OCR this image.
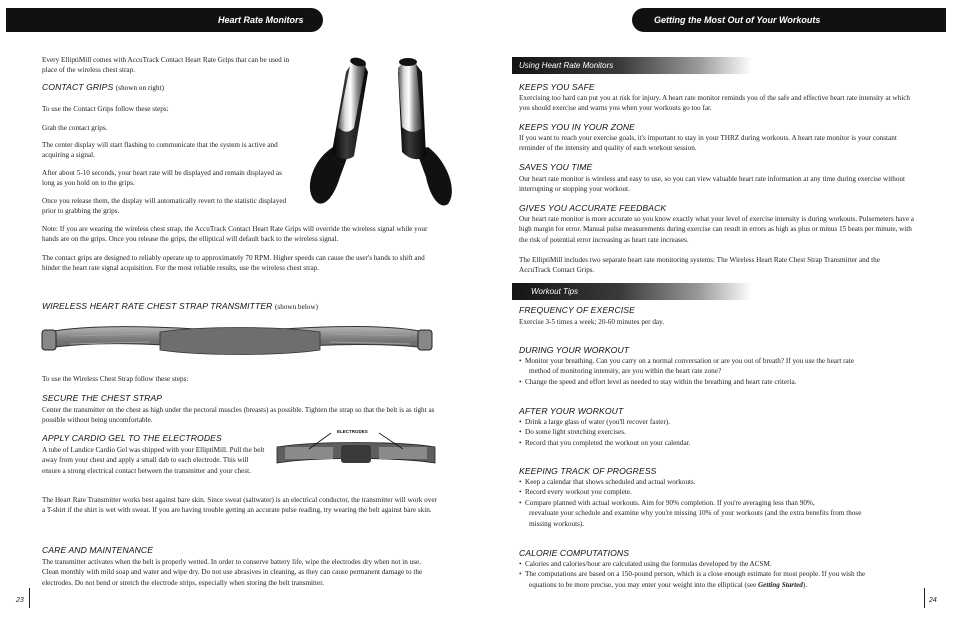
Heart Rate Monitors	Getting the Most Out of Your Workouts
Every ElliptiMill comes with AccuTrack Contact Heart Rate Grips that can be used in place of the wireless chest strap.
CONTACT GRIPS (shown on right)
To use the Contact Grips follow these steps:
Grab the contact grips.
The center display will start flashing to communicate that the system is active and acquiring a signal.
After about 5-10 seconds, your heart rate will be displayed and remain displayed as long as you hold on to the grips.
Once you release them, the display will automatically revert to the statistic displayed prior to grabbing the grips.
Note: If you are wearing the wireless chest strap, the AccuTrack Contact Heart Rate Grips will override the wireless signal while your hands are on the grips. Once you release the grips, the elliptical will default back to the wireless signal.
The contact grips are designed to reliably operate up to approximately 70 RPM. Higher speeds can cause the user's hands to shift and hinder the heart rate signal acquisition. For the most reliable results, use the wireless chest strap.
WIRELESS HEART RATE CHEST STRAP TRANSMITTER (shown below)
To use the Wireless Chest Strap follow these steps:
SECURE THE CHEST STRAP
Center the transmitter on the chest as high under the pectoral muscles (breasts) as possible. Tighten the strap so that the belt is as tight as possible without being uncomfortable.
APPLY CARDIO GEL TO THE ELECTRODES
A tube of Landice Cardio Gel was shipped with your ElliptiMill. Pull the belt away from your chest and apply a small dab to each electrode. This will ensure a strong electrical contact between the transmitter and your chest.
ELECTRODES
The Heart Rate Transmitter works best against bare skin. Since sweat (saltwater) is an electrical conductor, the transmitter will work over a T-shirt if the shirt is wet with sweat. If you are having trouble getting an accurate pulse reading, try wearing the belt against bare skin.
CARE AND MAINTENANCE
The transmitter activates when the belt is properly wetted. In order to conserve battery life, wipe the electrodes dry when not in use. Clean monthly with mild soap and water and wipe dry. Do not use abrasives in cleaning, as they can cause permanent damage to the electrodes. Do not bend or stretch the electrode strips, especially when storing the belt transmitter.
23
Using Heart Rate Monitors
KEEPS YOU SAFE
Exercising too hard can put you at risk for injury. A heart rate monitor reminds you of the safe and effective heart rate intensity at which you should exercise and warns you when your workouts go too far.
KEEPS YOU IN YOUR ZONE
If you want to reach your exercise goals, it's important to stay in your THRZ during workouts. A heart rate monitor is your constant reminder of the intensity and quality of each workout session.
SAVES YOU TIME
Our heart rate monitor is wireless and easy to use, so you can view valuable heart rate information at any time during exercise without interrupting or stopping your workout.
GIVES YOU ACCURATE FEEDBACK
Our heart rate monitor is more accurate so you know exactly what your level of exercise intensity is during workouts. Pulsemeters have a high margin for error. Manual pulse measurements during exercise can result in errors as high as plus or minus 15 beats per minute, with the risk of potential error increasing as heart rate increases.
The ElliptiMill includes two separate heart rate monitoring systems: The Wireless Heart Rate Chest Strap Transmitter and the AccuTrack Contact Grips.
Workout Tips
FREQUENCY OF EXERCISE
Exercise 3-5 times a week; 20-60 minutes per day.
DURING YOUR WORKOUT
• Monitor your breathing. Can you carry on a normal conversation or are you out of breath? If you use the heart rate
method of monitoring intensity, are you within the heart rate zone?
• Change the speed and effort level as needed to stay within the breathing and heart rate criteria.
AFTER YOUR WORKOUT
• Drink a large glass of water (you'll recover faster).
• Do some light stretching exercises.
• Record that you completed the workout on your calendar.
KEEPING TRACK OF PROGRESS
• Keep a calendar that shows scheduled and actual workouts.
• Record every workout you complete.
• Compare planned with actual workouts. Aim for 90% completion. If you're averaging less than 90%,
reevaluate your schedule and examine why you're missing 10% of your workouts (and the extra benefits from those
missing workouts).
CALORIE COMPUTATIONS
• Calories and calories/hour are calculated using the formulas developed by the ACSM.
• The computations are based on a 150-pound person, which is a close enough estimate for most people. If you wish the
equations to be more precise, you may enter your weight into the elliptical (see Getting Started).
24
